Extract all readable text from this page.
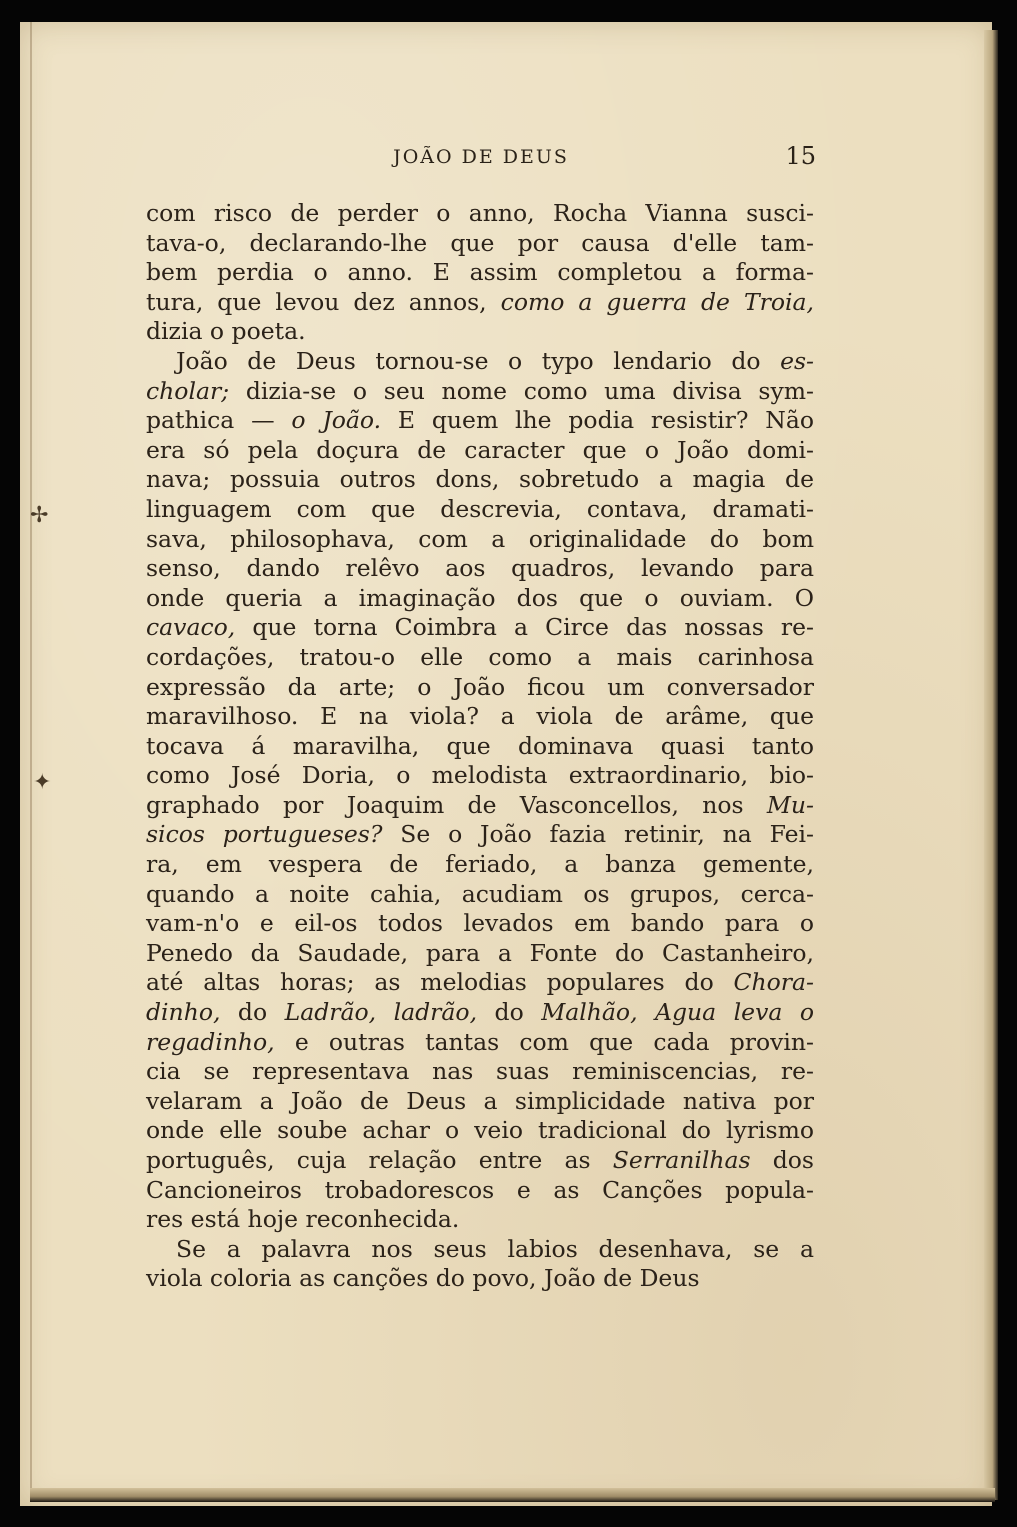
✢
✦
JOÃO DE DEUS	15
com risco de perder o anno, Rocha Vianna susci-
tava-o, declarando-lhe que por causa d'elle tam-
bem perdia o anno. E assim completou a forma-
tura, que levou dez annos, como a guerra de Troia,
dizia o poeta.
João de Deus tornou-se o typo lendario do es-
cholar; dizia-se o seu nome como uma divisa sym-
pathica — o João. E quem lhe podia resistir? Não
era só pela doçura de caracter que o João domi-
nava; possuia outros dons, sobretudo a magia de
linguagem com que descrevia, contava, dramati-
sava, philosophava, com a originalidade do bom
senso, dando relêvo aos quadros, levando para
onde queria a imaginação dos que o ouviam. O
cavaco, que torna Coimbra a Circe das nossas re-
cordações, tratou-o elle como a mais carinhosa
expressão da arte; o João ficou um conversador
maravilhoso. E na viola? a viola de arâme, que
tocava á maravilha, que dominava quasi tanto
como José Doria, o melodista extraordinario, bio-
graphado por Joaquim de Vasconcellos, nos Mu-
sicos portugueses? Se o João fazia retinir, na Fei-
ra, em vespera de feriado, a banza gemente,
quando a noite cahia, acudiam os grupos, cerca-
vam-n'o e eil-os todos levados em bando para o
Penedo da Saudade, para a Fonte do Castanheiro,
até altas horas; as melodias populares do Chora-
dinho, do Ladrão, ladrão, do Malhão, Agua leva o
regadinho, e outras tantas com que cada provin-
cia se representava nas suas reminiscencias, re-
velaram a João de Deus a simplicidade nativa por
onde elle soube achar o veio tradicional do lyrismo
português, cuja relação entre as Serranilhas dos
Cancioneiros trobadorescos e as Canções popula-
res está hoje reconhecida.
Se a palavra nos seus labios desenhava, se a
viola coloria as canções do povo, João de Deus
